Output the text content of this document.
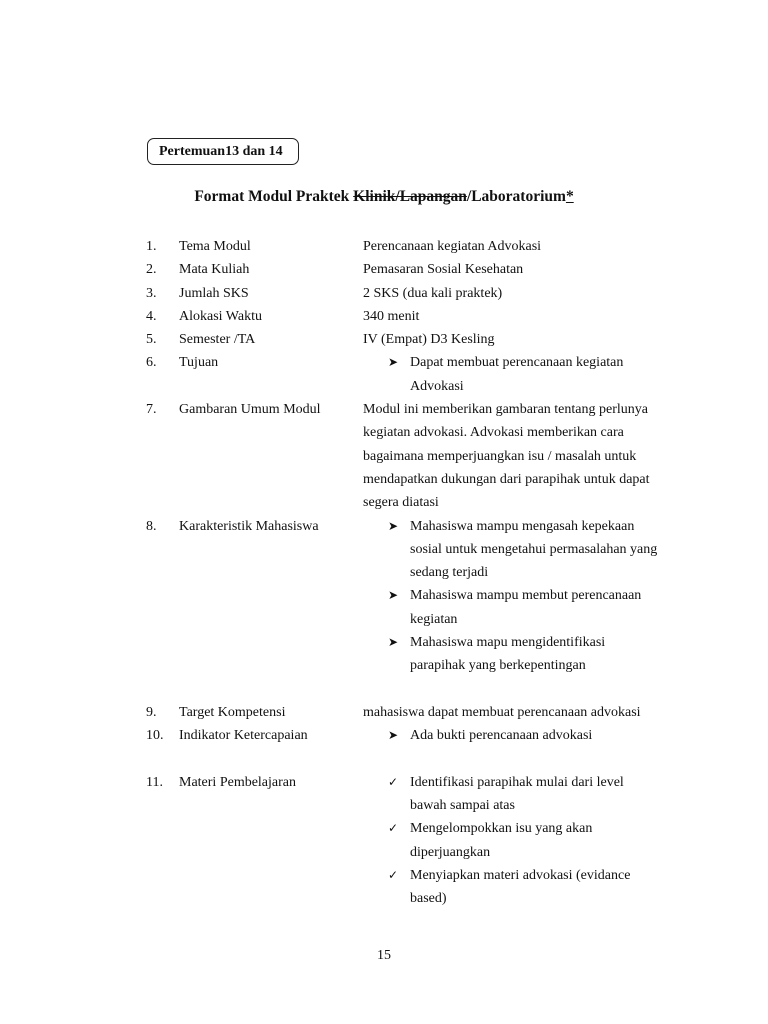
Pertemuan13 dan 14
Format Modul Praktek Klinik/Lapangan/Laboratorium*
1. Tema Modul	Perencanaan kegiatan Advokasi
2. Mata Kuliah	Pemasaran Sosial Kesehatan
3. Jumlah SKS	2 SKS (dua kali praktek)
4. Alokasi Waktu	340 menit
5. Semester /TA	IV (Empat) D3 Kesling
6. Tujuan	➤ Dapat membuat perencanaan kegiatan Advokasi
7. Gambaran Umum Modul	Modul ini memberikan gambaran tentang perlunya
kegiatan advokasi. Advokasi memberikan cara
bagaimana memperjuangkan isu / masalah untuk
mendapatkan dukungan dari parapihak untuk dapat
segera diatasi
8. Karakteristik Mahasiswa	➤ Mahasiswa mampu mengasah kepekaan sosial untuk mengetahui permasalahan yang sedang terjadi
➤ Mahasiswa mampu membut perencanaan kegiatan
➤ Mahasiswa mapu mengidentifikasi parapihak yang berkepentingan
9. Target Kompetensi	mahasiswa dapat membuat perencanaan advokasi
10. Indikator Ketercapaian	➤ Ada bukti perencanaan advokasi
11. Materi Pembelajaran	✓ Identifikasi parapihak mulai dari level bawah sampai atas
✓ Mengelompokkan isu yang akan diperjuangkan
✓ Menyiapkan materi advokasi (evidance based)
15
